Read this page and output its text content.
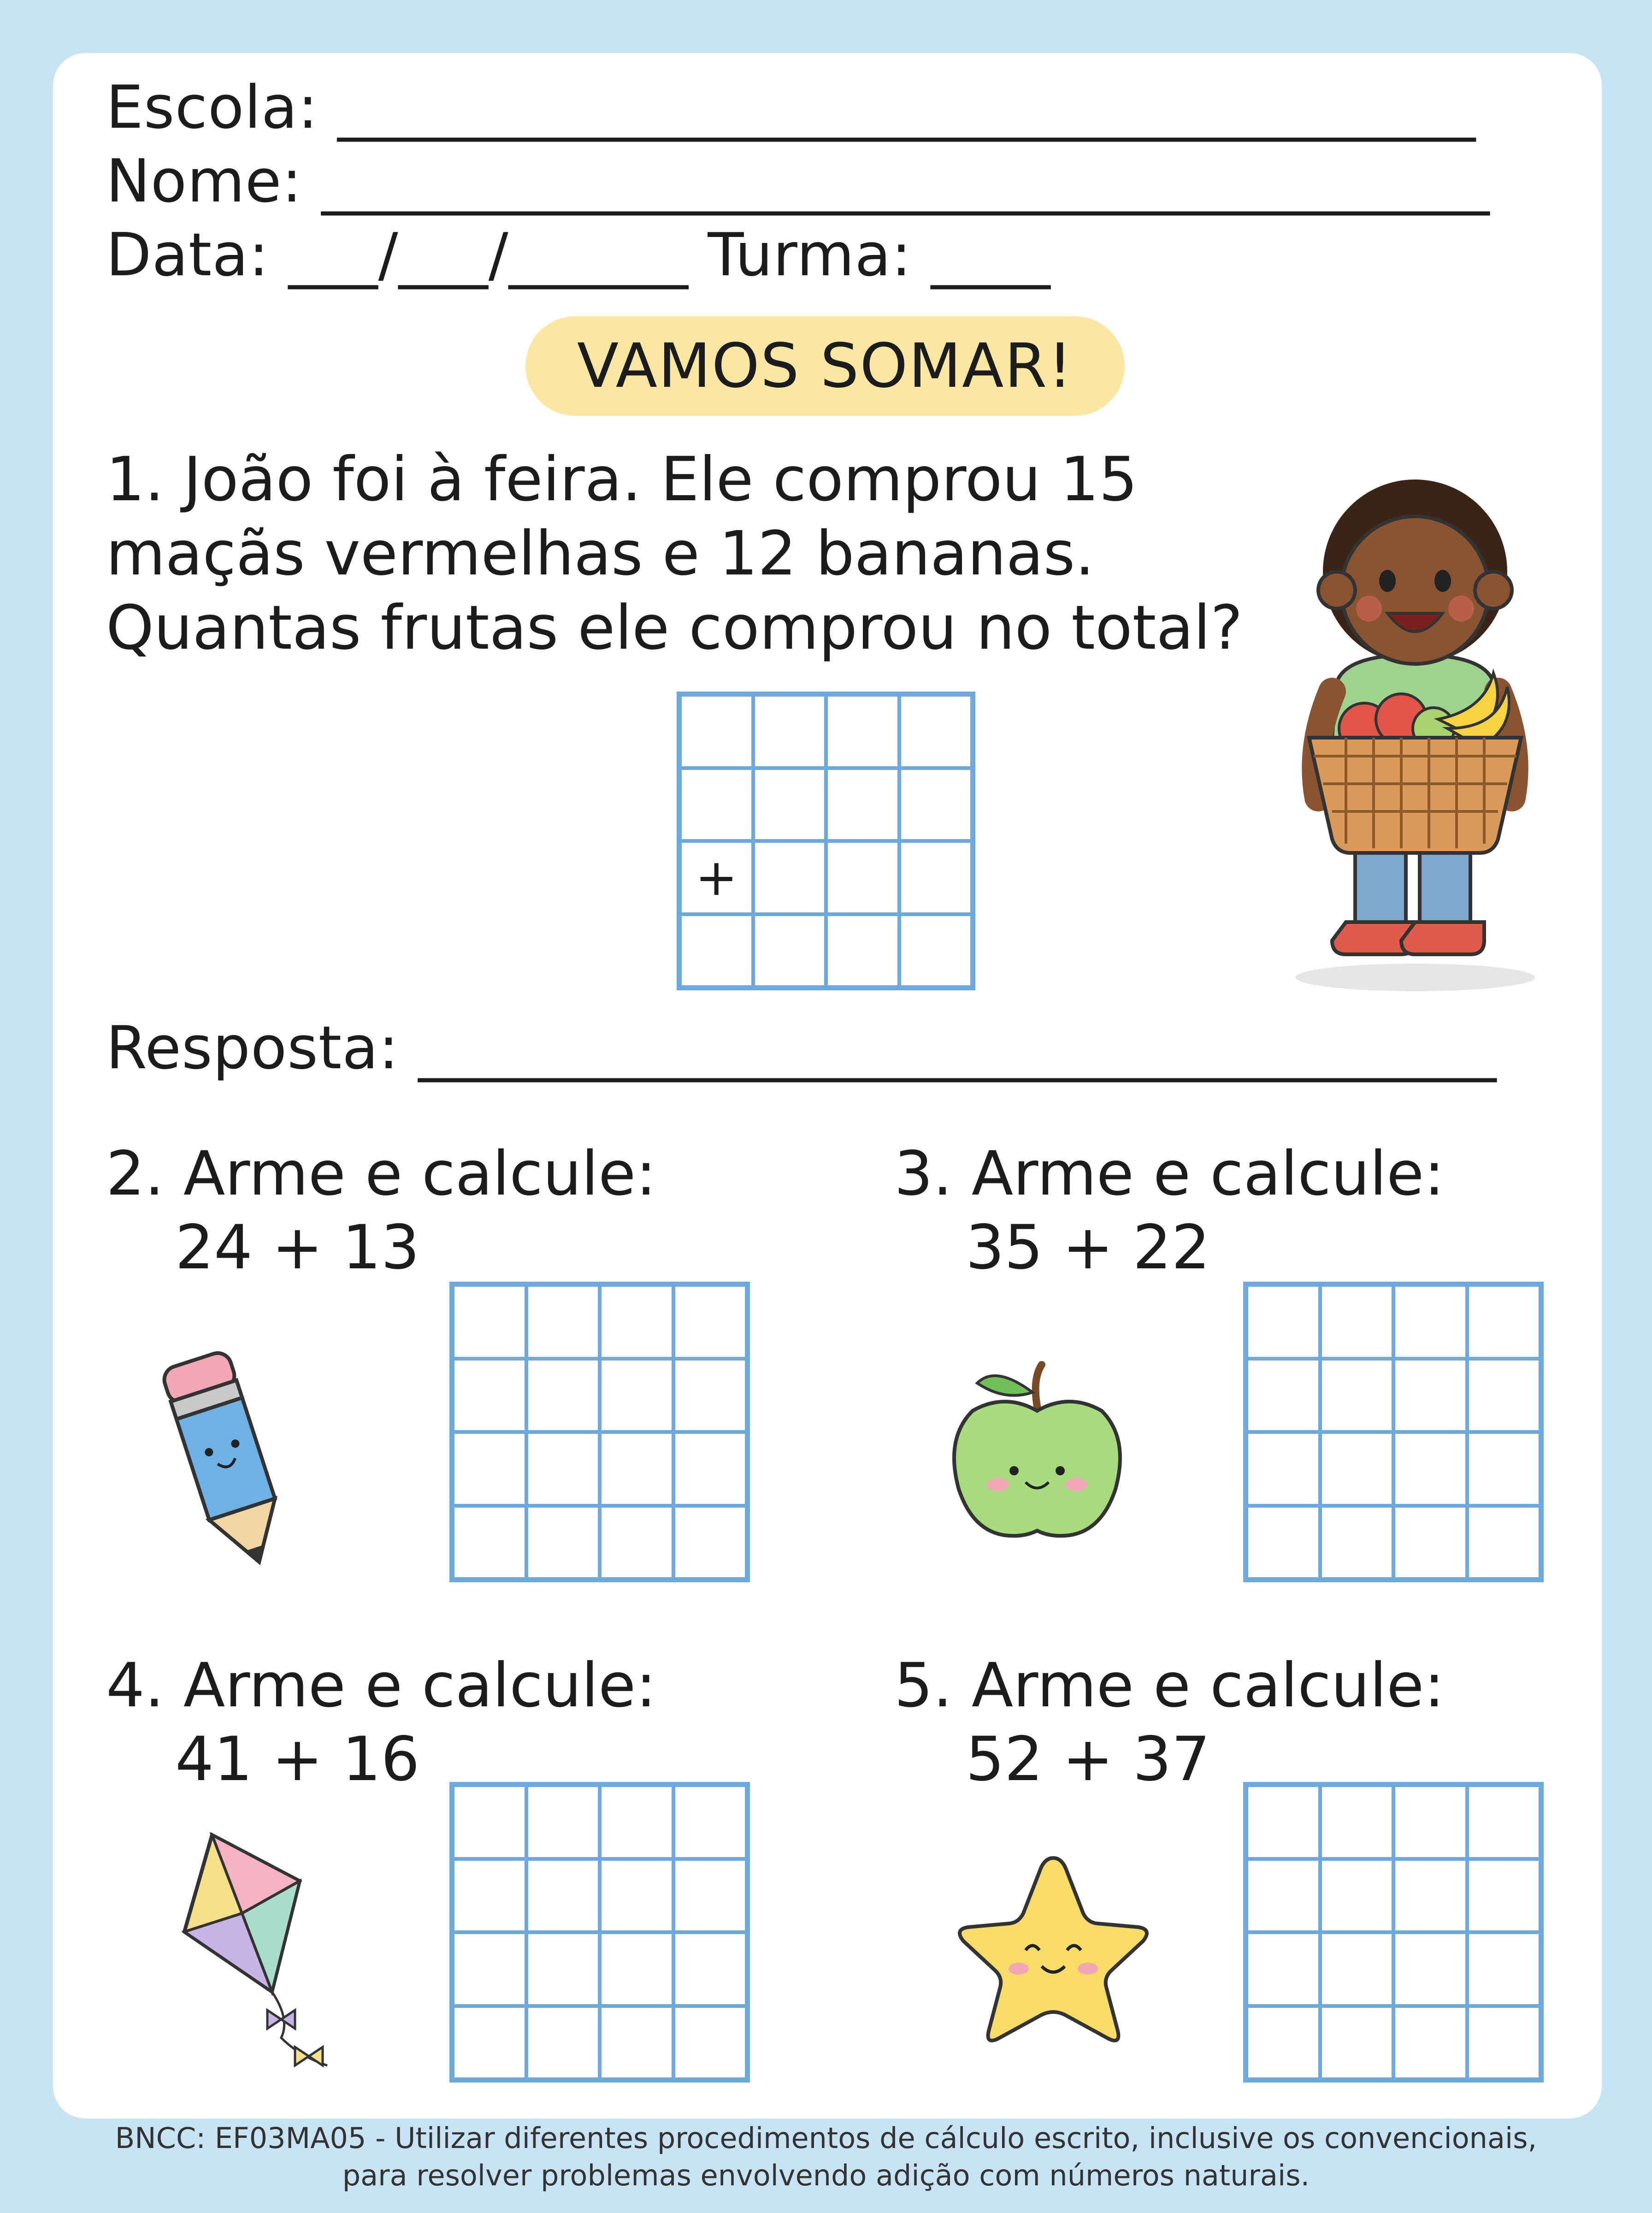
Escola: ______________________________________
Nome: _______________________________________
Data: ___/___/______ Turma: ____
VAMOS SOMAR!
1. João foi à feira. Ele comprou 15
maçãs vermelhas e 12 bananas.
Quantas frutas ele comprou no total?
+
Resposta: ____________________________________
2. Arme e calcule:
24 + 13
3. Arme e calcule:
35 + 22
4. Arme e calcule:
41 + 16
5. Arme e calcule:
52 + 37
BNCC: EF03MA05 - Utilizar diferentes procedimentos de cálculo escrito, inclusive os convencionais,
para resolver problemas envolvendo adição com números naturais.
